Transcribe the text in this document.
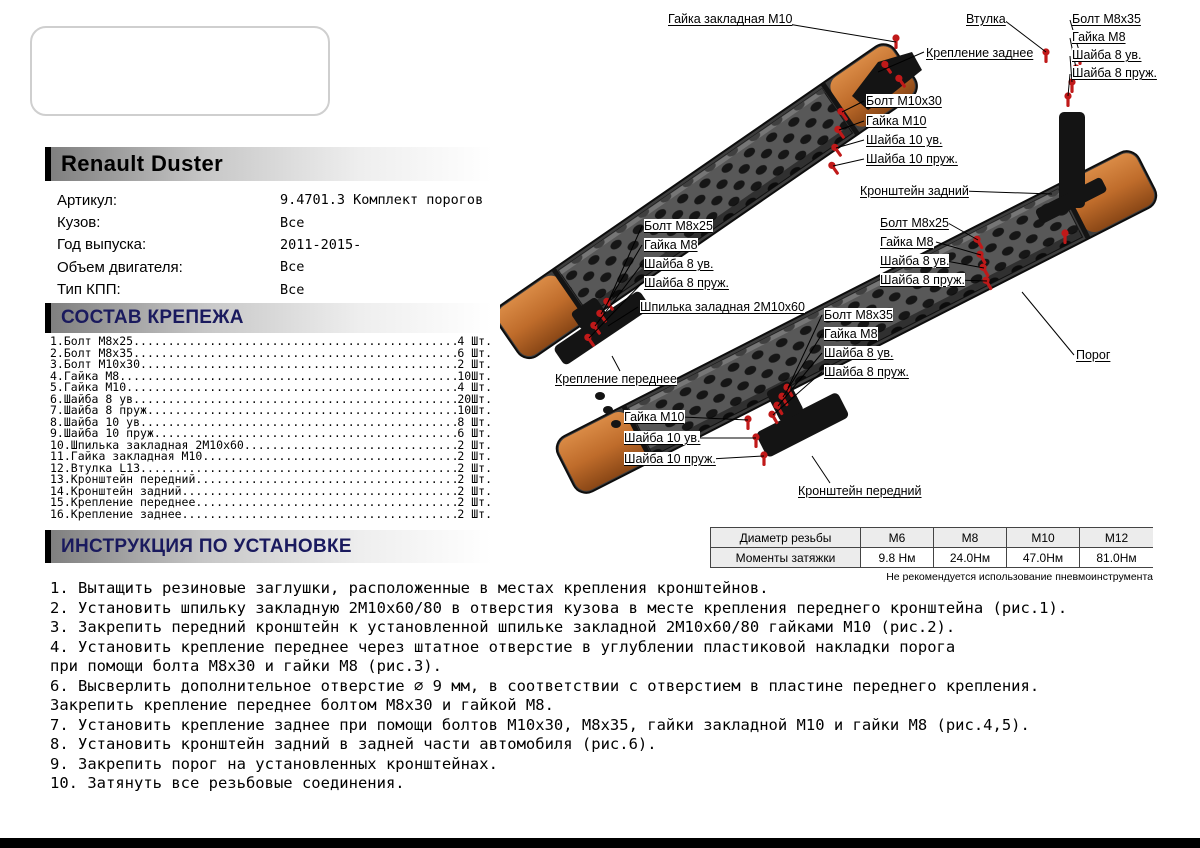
Renault Duster
Артикул:	9.4701.3 Комплект порогов
Кузов:	Все
Год выпуска:	2011-2015-
Объем двигателя:	Все
Тип КПП:	Все
СОСТАВ КРЕПЕЖА
1.Болт М8х25 .....	4 Шт.
2.Болт М8х35 .....	6 Шт.
3.Болт М10х30 .....	2 Шт.
4.Гайка М8 .....	10 Шт.
5.Гайка М10 .....	4 Шт.
6.Шайба 8 ув. .....	20 Шт.
7.Шайба 8 пруж .....	10 Шт.
8.Шайба 10 ув. .....	8 Шт.
9.Шайба 10 пруж. .....	6 Шт.
10.Шпилька закладная 2М10х60 .....	2 Шт.
11.Гайка закладная М10 .....	2 Шт.
12.Втулка L13 .....	2 Шт.
13.Кронштейн передний .....	2 Шт.
14.Кронштейн задний .....	2 Шт.
15.Крепление переднее .....	2 Шт.
16.Крепление заднее .....	2 Шт.
ИНСТРУКЦИЯ ПО УСТАНОВКЕ
1. Вытащить резиновые заглушки, расположенные в местах крепления кронштейнов.
2. Установить шпильку закладную 2М10х60/80 в отверстия кузова в месте крепления переднего кронштейна (рис.1).
3. Закрепить передний кронштейн к установленной шпильке закладной 2М10х60/80 гайками М10 (рис.2).
4. Установить крепление переднее через штатное отверстие в углублении пластиковой накладки порога
при помощи болта М8х30 и гайки М8 (рис.3).
6. Высверлить дополнительное отверстие ∅ 9 мм, в соответствии с отверстием в пластине переднего крепления.
Закрепить крепление переднее болтом М8х30 и гайкой М8.
7. Установить крепление заднее при помощи болтов М10х30, М8х35, гайки закладной М10 и гайки М8 (рис.4,5).
8. Установить кронштейн задний в задней части автомобиля (рис.6).
9. Закрепить порог на установленных кронштейнах.
10. Затянуть все резьбовые соединения.
Гайка закладная М10	Втулка	Болт М8х35
Гайка М8
Шайба 8 ув.
Шайба 8 пруж.
Крепление заднее
Болт М10х30
Гайка М10
Шайба 10 ув.
Шайба 10 пруж.
Кронштейн задний
Болт М8х25
Гайка М8
Шайба 8 ув.
Шайба 8 пруж.
Болт М8х25
Гайка М8
Шайба 8 ув.
Шайба 8 пруж.
Шпилька заладная 2М10х60
Болт М8х35
Гайка М8
Шайба 8 ув.
Шайба 8 пруж.
Крепление переднее
Порог
Гайка М10
Шайба 10 ув.
Шайба 10 пруж.
Кронштейн передний
Диаметр резьбы	М6	М8	М10	М12
Моменты затяжки	9.8 Нм	24.0Нм	47.0Нм	81.0Нм
Не рекомендуется использование пневмоинструмента
